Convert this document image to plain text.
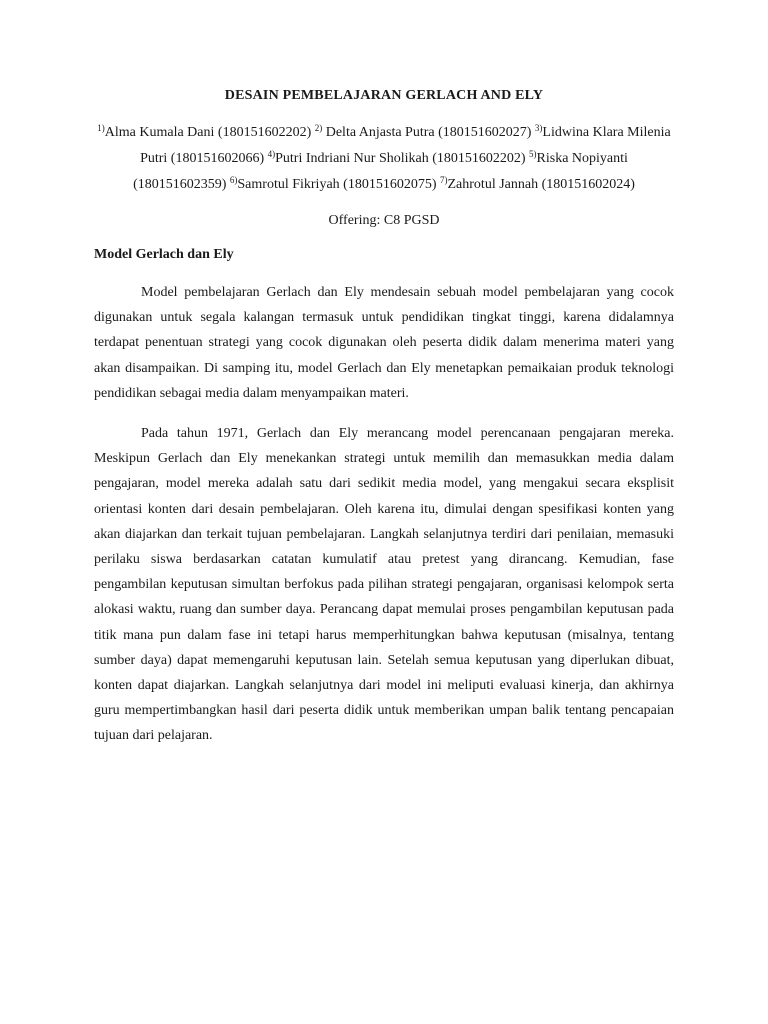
DESAIN PEMBELAJARAN GERLACH AND ELY

$^{1)}$Alma Kumala Dani (180151602202) $^{2)}$ Delta Anjasta Putra (180151602027) $^{3)}$Lidwina Klara Milenia Putri (180151602066) $^{4)}$Putri Indriani Nur Sholikah (180151602202) $^{5)}$Riska Nopiyanti (180151602359) $^{6)}$Samrotul Fikriyah (180151602075) $^{7)}$Zahrotul Jannah (180151602024)

Offering: C8 PGSD

Model Gerlach dan Ely

Model pembelajaran Gerlach dan Ely mendesain sebuah model pembelajaran yang cocok digunakan untuk segala kalangan termasuk untuk pendidikan tingkat tinggi, karena didalamnya terdapat penentuan strategi yang cocok digunakan oleh peserta didik dalam menerima materi yang akan disampaikan. Di samping itu, model Gerlach dan Ely menetapkan pemaikaian produk teknologi pendidikan sebagai media dalam menyampaikan materi.

Pada tahun 1971, Gerlach dan Ely merancang model perencanaan pengajaran mereka. Meskipun Gerlach dan Ely menekankan strategi untuk memilih dan memasukkan media dalam pengajaran, model mereka adalah satu dari sedikit media model, yang mengakui secara eksplisit orientasi konten dari desain pembelajaran. Oleh karena itu, dimulai dengan spesifikasi konten yang akan diajarkan dan terkait tujuan pembelajaran. Langkah selanjutnya terdiri dari penilaian, memasuki perilaku siswa berdasarkan catatan kumulatif atau pretest yang dirancang. Kemudian, fase pengambilan keputusan simultan berfokus pada pilihan strategi pengajaran, organisasi kelompok serta alokasi waktu, ruang dan sumber daya. Perancang dapat memulai proses pengambilan keputusan pada titik mana pun dalam fase ini tetapi harus memperhitungkan bahwa keputusan (misalnya, tentang sumber daya) dapat memengaruhi keputusan lain. Setelah semua keputusan yang diperlukan dibuat, konten dapat diajarkan. Langkah selanjutnya dari model ini meliputi evaluasi kinerja, dan akhirnya guru mempertimbangkan hasil dari peserta didik untuk memberikan umpan balik tentang pencapaian tujuan dari pelajaran.
